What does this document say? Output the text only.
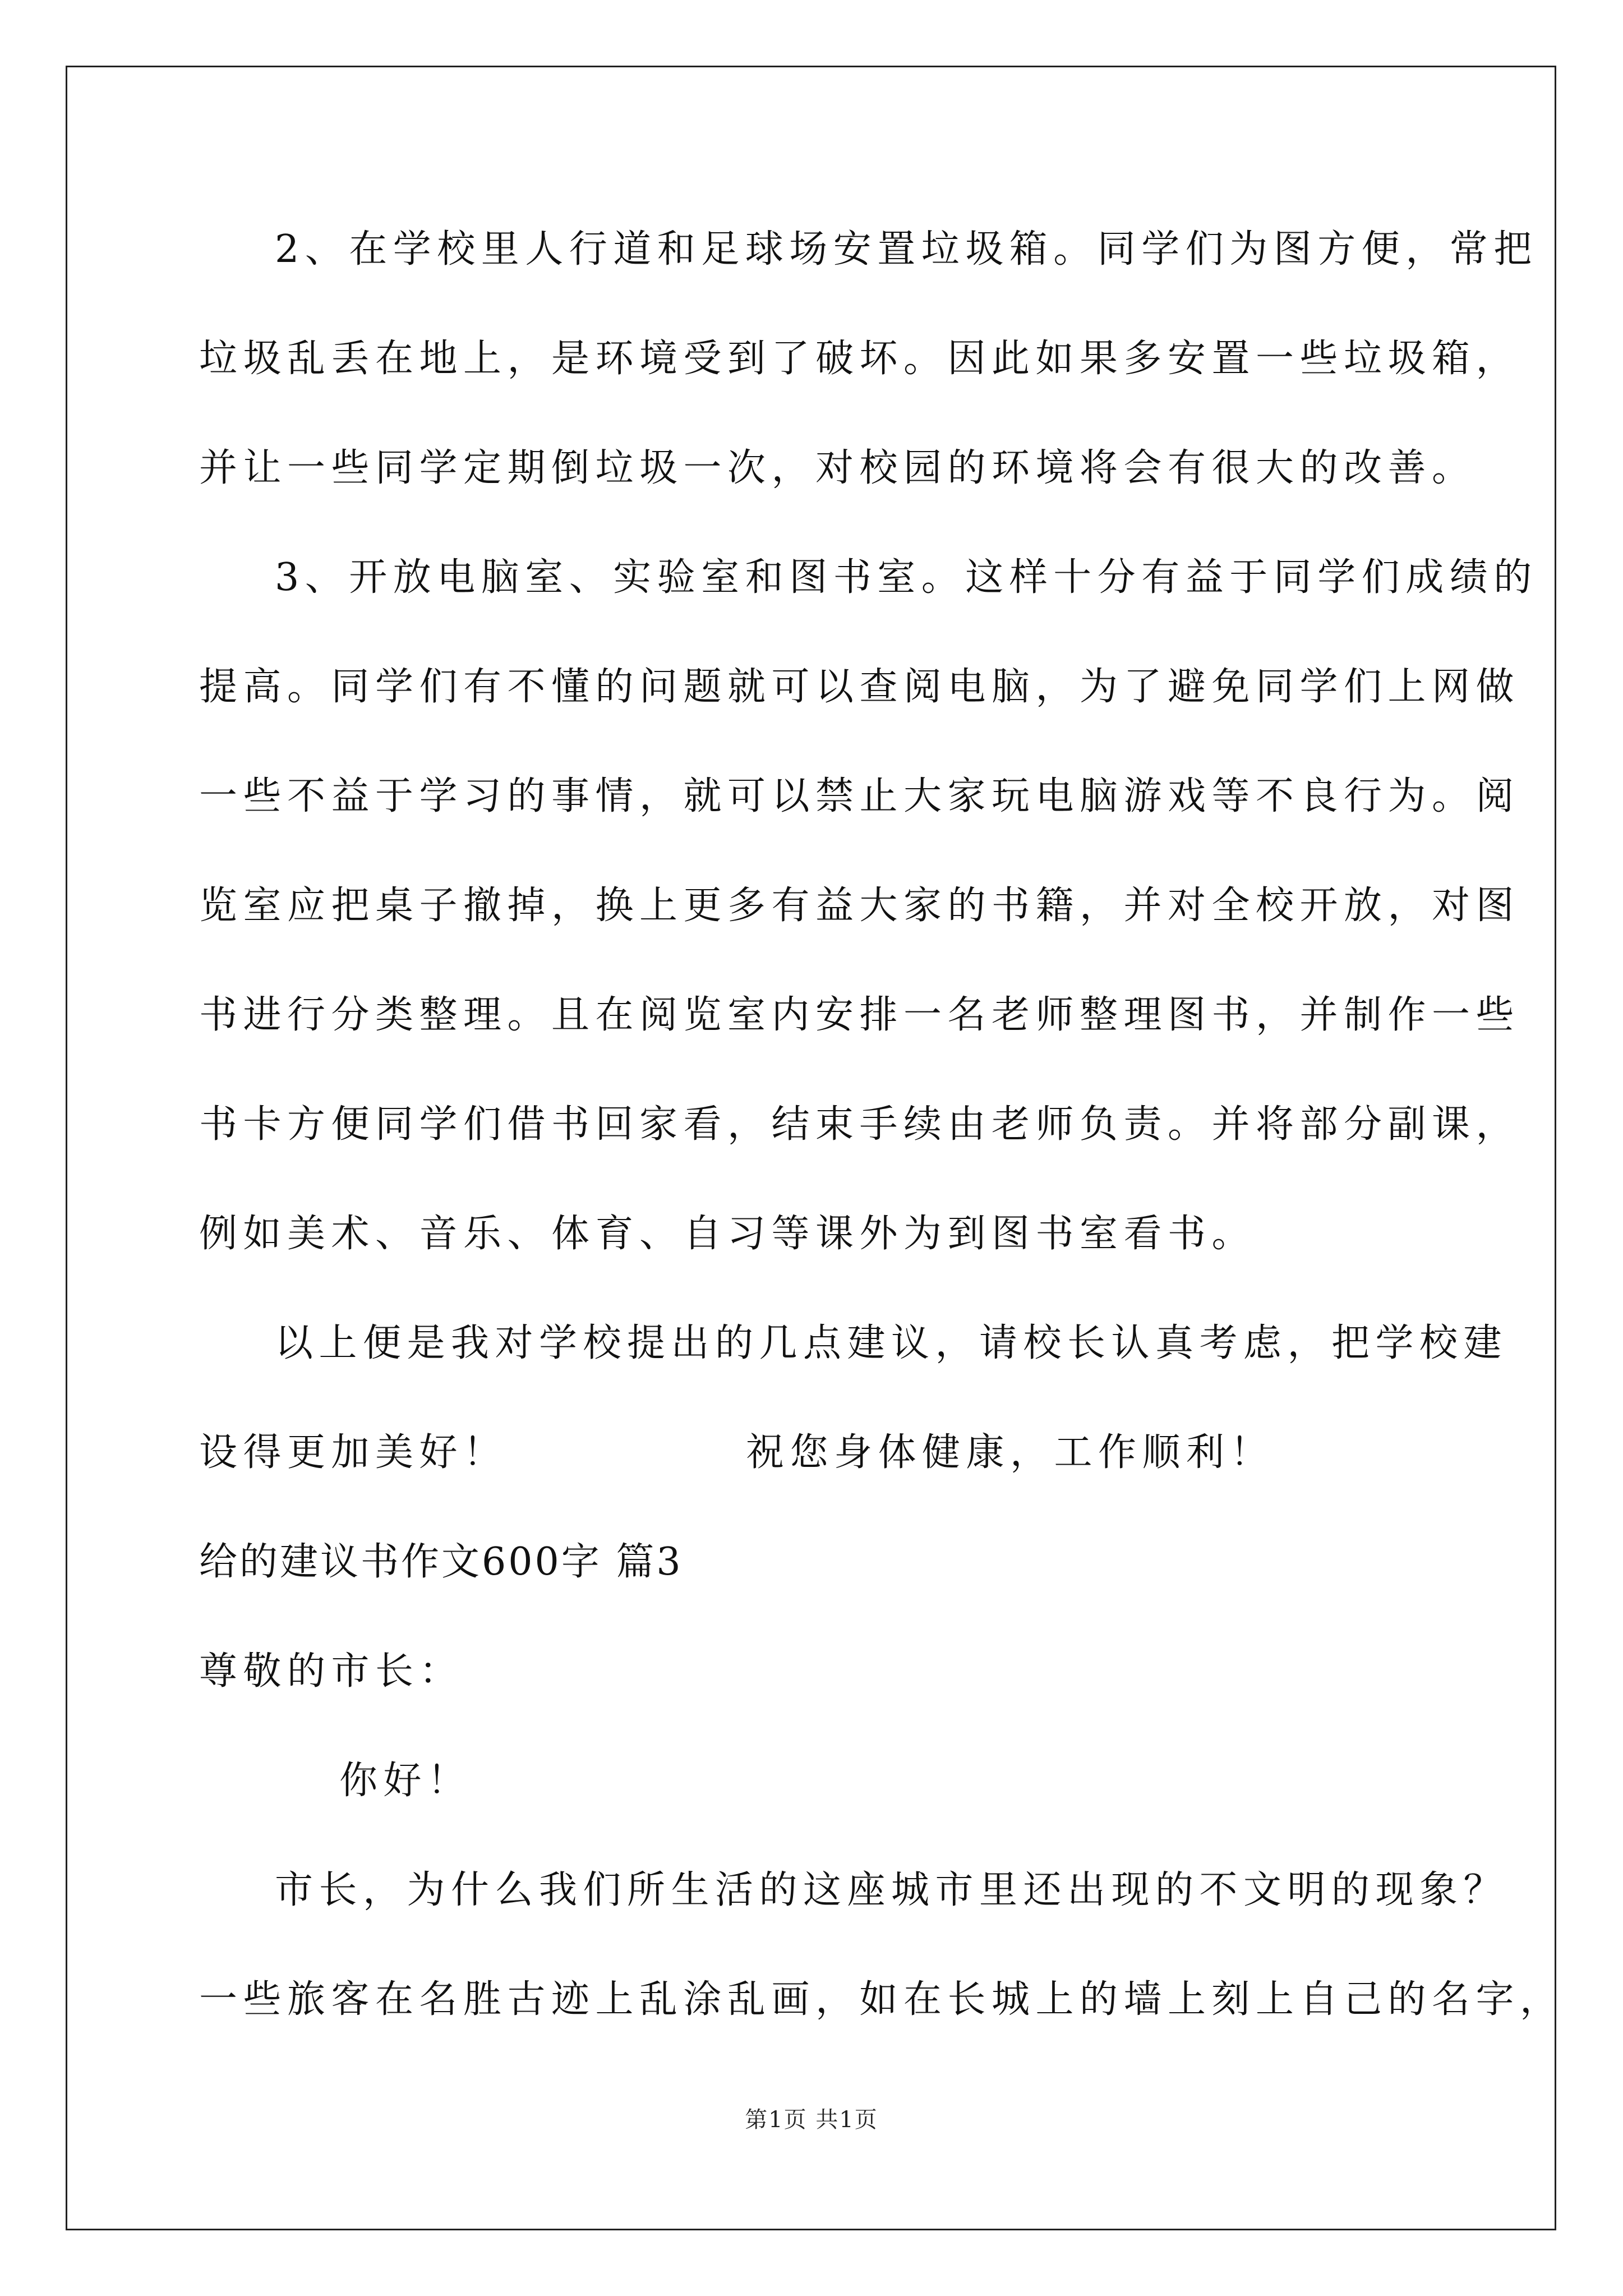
2、在学校里人行道和足球场安置垃圾箱。同学们为图方便，常把
垃圾乱丢在地上，是环境受到了破坏。因此如果多安置一些垃圾箱，
并让一些同学定期倒垃圾一次，对校园的环境将会有很大的改善。
3、开放电脑室、实验室和图书室。这样十分有益于同学们成绩的
提高。同学们有不懂的问题就可以查阅电脑，为了避免同学们上网做
一些不益于学习的事情，就可以禁止大家玩电脑游戏等不良行为。阅
览室应把桌子撤掉，换上更多有益大家的书籍，并对全校开放，对图
书进行分类整理。且在阅览室内安排一名老师整理图书，并制作一些
书卡方便同学们借书回家看，结束手续由老师负责。并将部分副课，
例如美术、音乐、体育、自习等课外为到图书室看书。
以上便是我对学校提出的几点建议，请校长认真考虑，把学校建
设得更加美好！	祝您身体健康，工作顺利！
给的建议书作文600字 篇3
尊敬的市长：
你好！
市长，为什么我们所生活的这座城市里还出现的不文明的现象？
一些旅客在名胜古迹上乱涂乱画，如在长城上的墙上刻上自己的名字，
第1页 共1页
